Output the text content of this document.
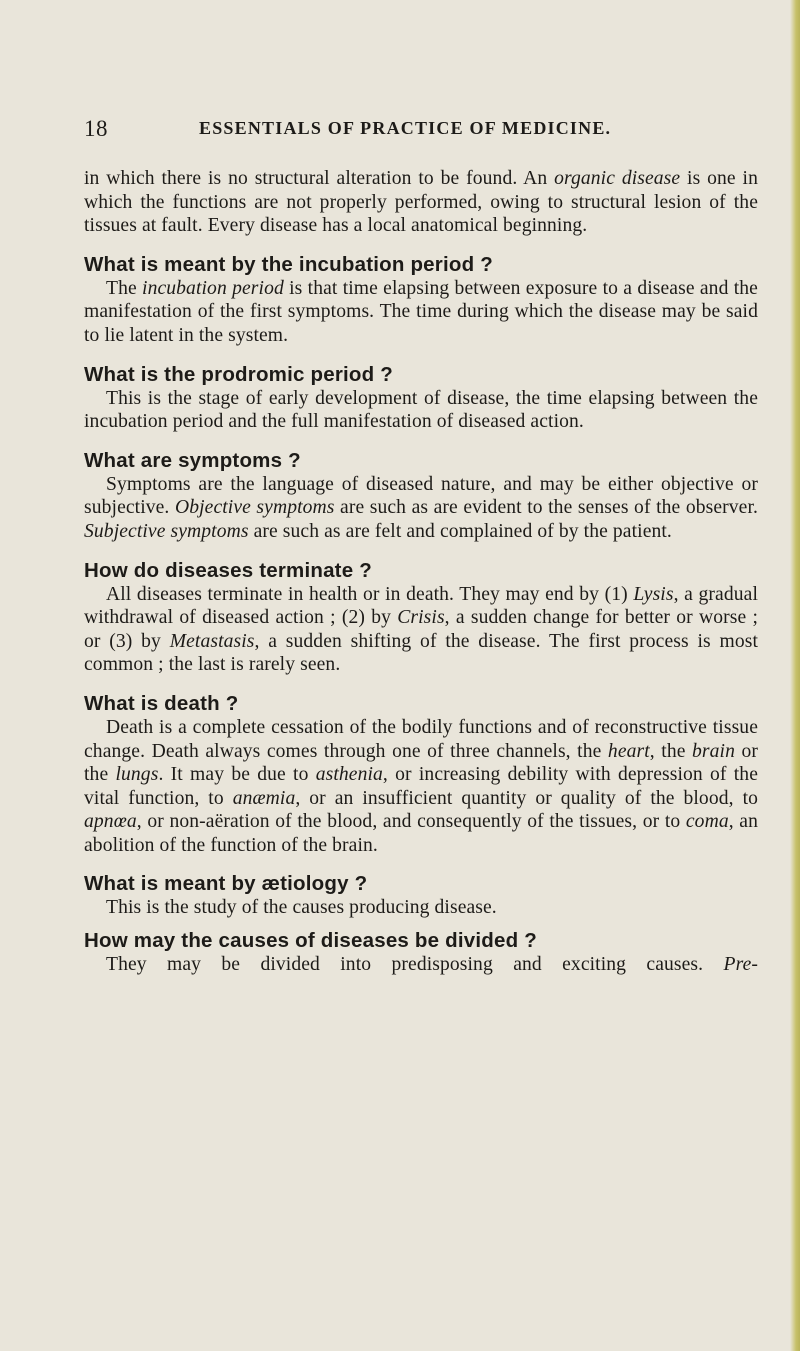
18	ESSENTIALS OF PRACTICE OF MEDICINE.

in which there is no structural alteration to be found. An organic disease is one in which the functions are not properly performed, owing to structural lesion of the tissues at fault. Every disease has a local anatomical beginning.

What is meant by the incubation period ?

The incubation period is that time elapsing between exposure to a disease and the manifestation of the first symptoms. The time during which the disease may be said to lie latent in the system.

What is the prodromic period ?

This is the stage of early development of disease, the time elapsing between the incubation period and the full manifestation of diseased action.

What are symptoms ?

Symptoms are the language of diseased nature, and may be either objective or subjective. Objective symptoms are such as are evident to the senses of the observer. Subjective symptoms are such as are felt and complained of by the patient.

How do diseases terminate ?

All diseases terminate in health or in death. They may end by (1) Lysis, a gradual withdrawal of diseased action ; (2) by Crisis, a sudden change for better or worse ; or (3) by Metastasis, a sudden shifting of the disease. The first process is most common ; the last is rarely seen.

What is death ?

Death is a complete cessation of the bodily functions and of reconstructive tissue change. Death always comes through one of three channels, the heart, the brain or the lungs. It may be due to asthenia, or increasing debility with depression of the vital function, to anæmia, or an insufficient quantity or quality of the blood, to apnœa, or non-aëration of the blood, and consequently of the tissues, or to coma, an abolition of the function of the brain.

What is meant by ætiology ?

This is the study of the causes producing disease.

How may the causes of diseases be divided ?

They may be divided into predisposing and exciting causes. Pre-
